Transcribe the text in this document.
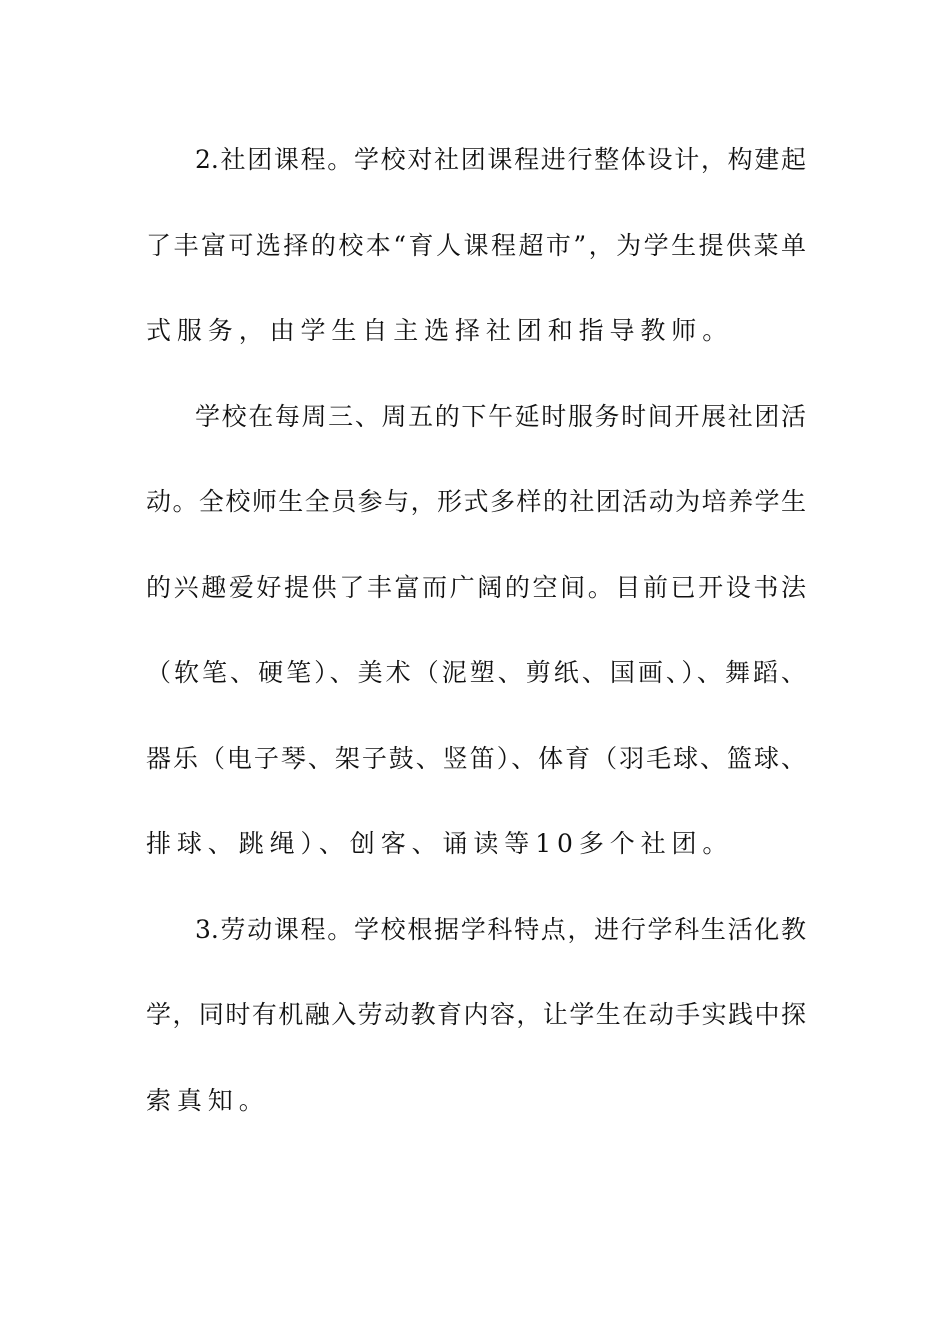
2.社团课程。学校对社团课程进行整体设计，构建起
了丰富可选择的校本“育人课程超市”，为学生提供菜单
式服务，由学生自主选择社团和指导教师。
学校在每周三、周五的下午延时服务时间开展社团活
动。全校师生全员参与，形式多样的社团活动为培养学生
的兴趣爱好提供了丰富而广阔的空间。目前已开设书法
（软笔、硬笔）、美术（泥塑、剪纸、国画、）、舞蹈、
器乐（电子琴、架子鼓、竖笛）、体育（羽毛球、篮球、
排球、跳绳）、创客、诵读等10多个社团。
3.劳动课程。学校根据学科特点，进行学科生活化教
学，同时有机融入劳动教育内容，让学生在动手实践中探
索真知。
